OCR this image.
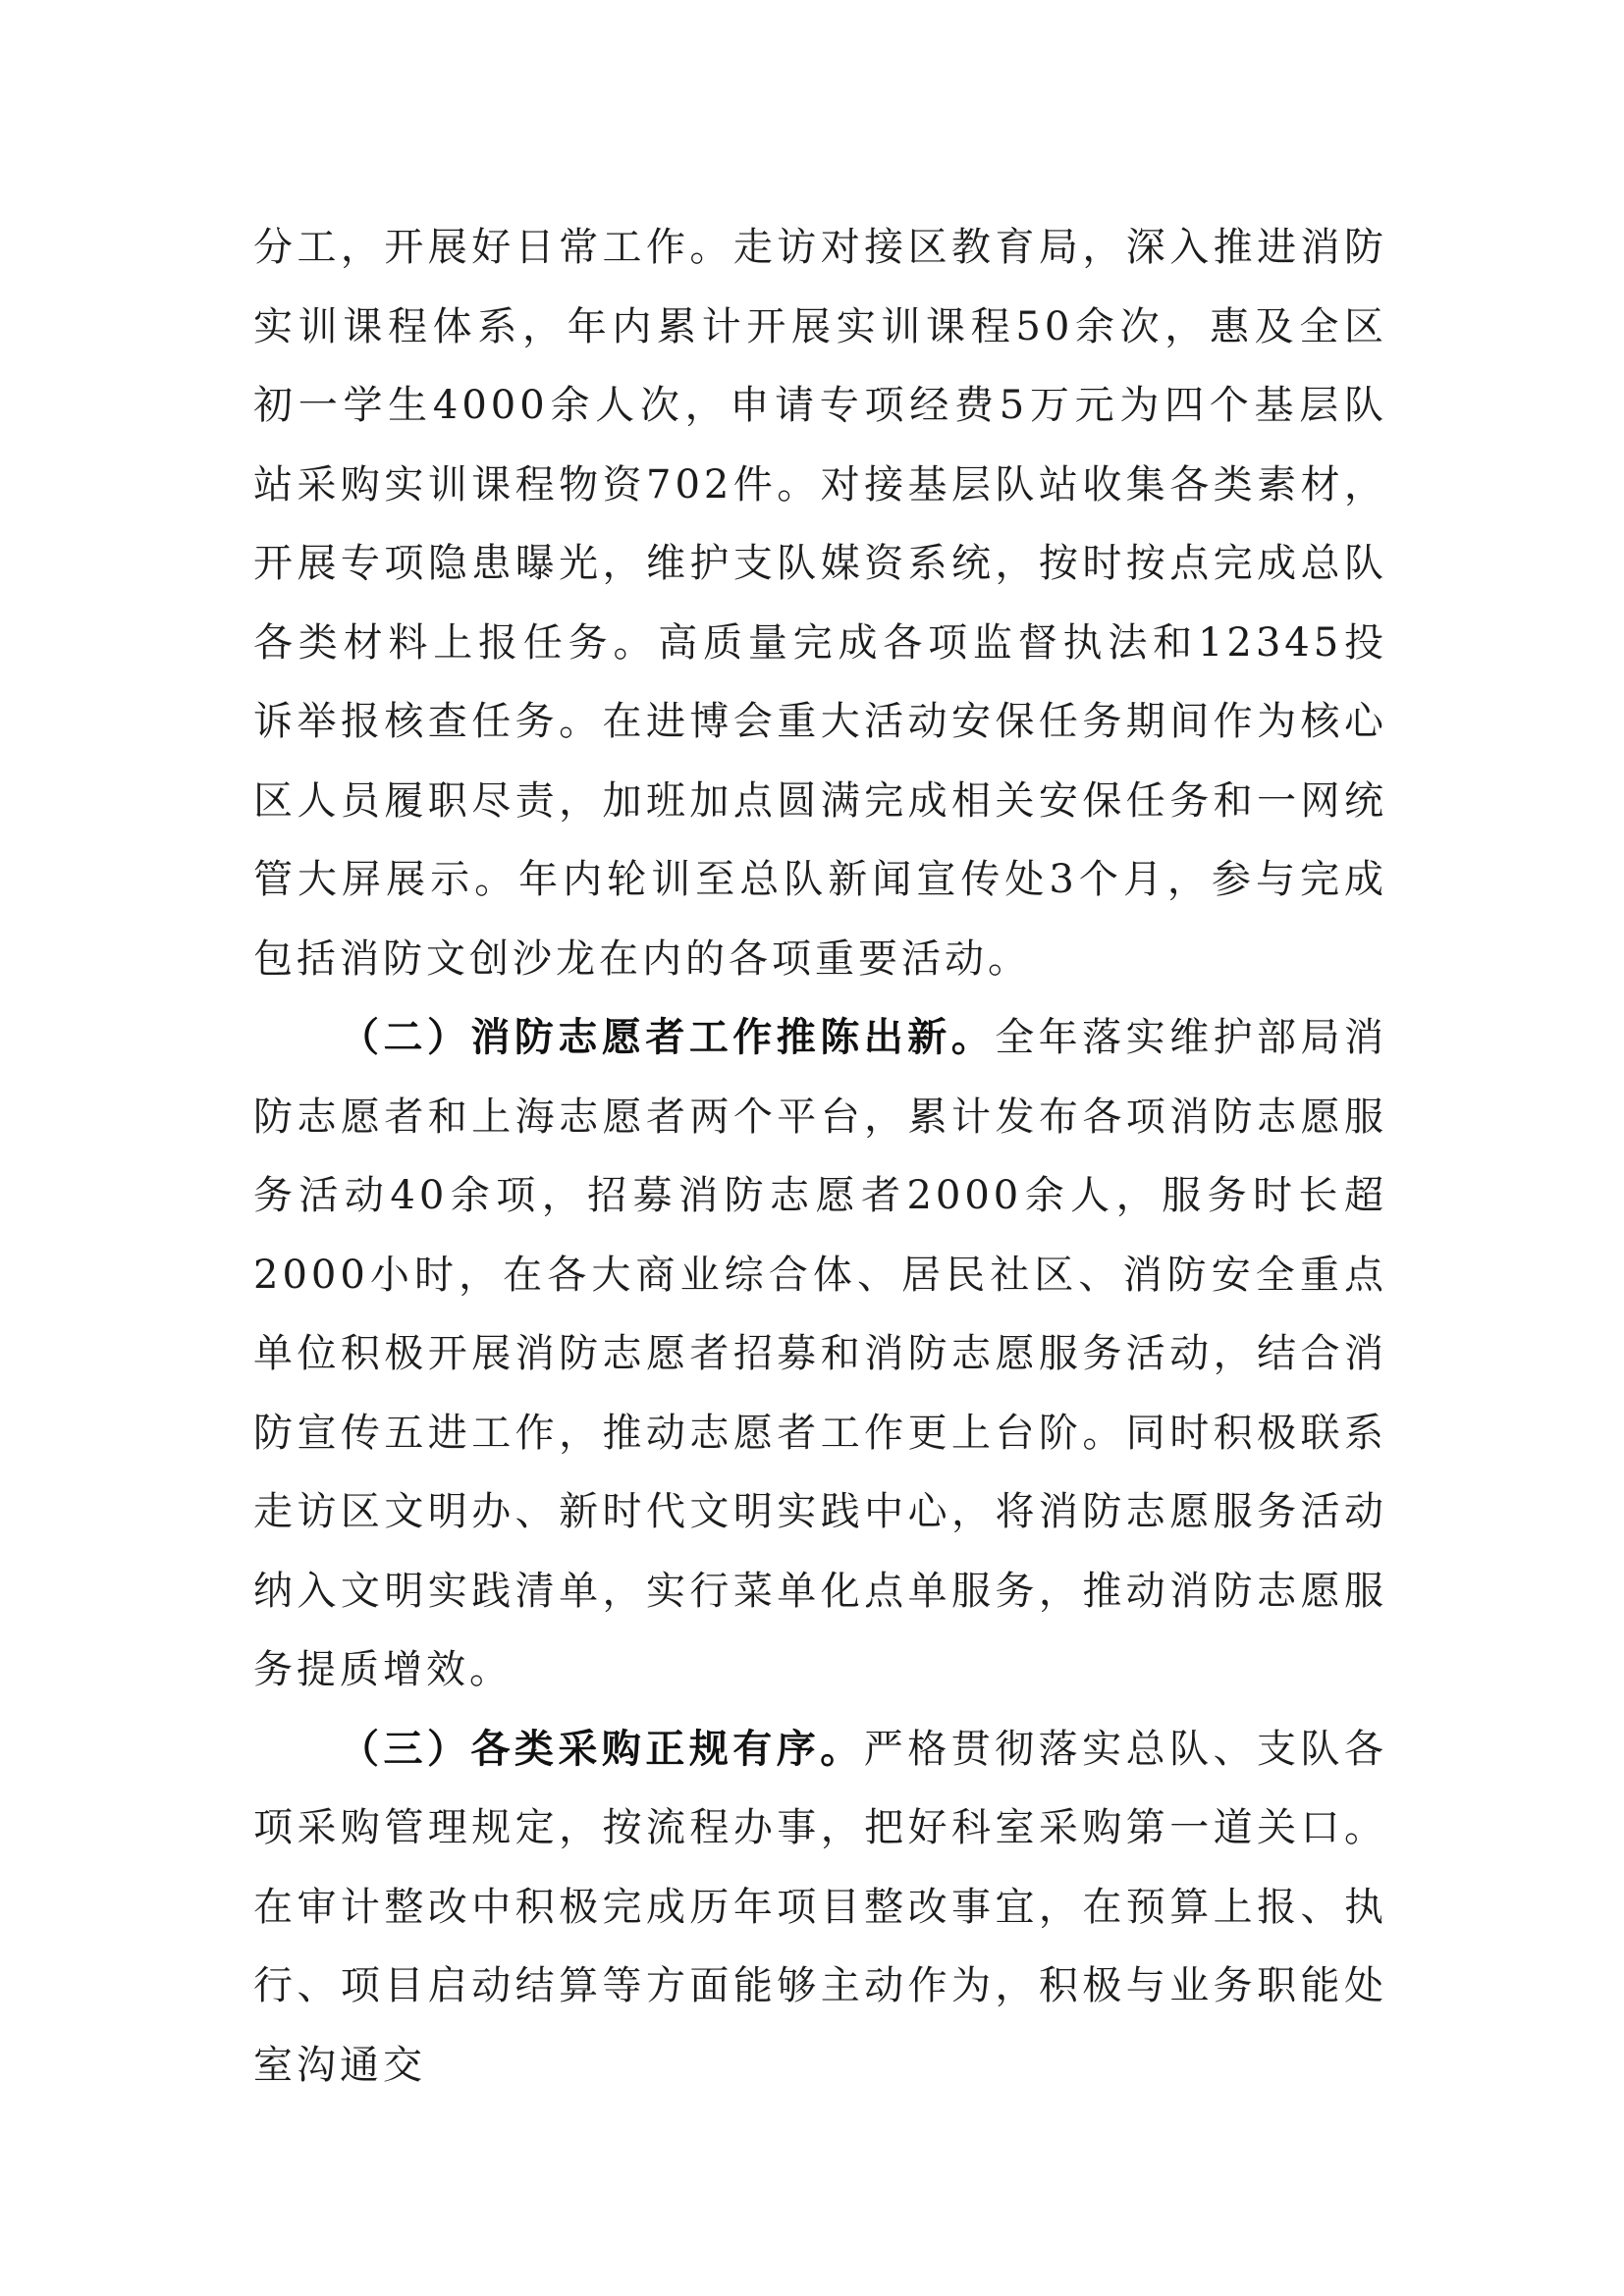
分工，开展好日常工作。走访对接区教育局，深入推进消防实训课程体系，年内累计开展实训课程50余次，惠及全区初一学生4000余人次，申请专项经费5万元为四个基层队站采购实训课程物资702件。对接基层队站收集各类素材，开展专项隐患曝光，维护支队媒资系统，按时按点完成总队各类材料上报任务。高质量完成各项监督执法和12345投诉举报核查任务。在进博会重大活动安保任务期间作为核心区人员履职尽责，加班加点圆满完成相关安保任务和一网统管大屏展示。年内轮训至总队新闻宣传处3个月，参与完成包括消防文创沙龙在内的各项重要活动。

（二）消防志愿者工作推陈出新。全年落实维护部局消防志愿者和上海志愿者两个平台，累计发布各项消防志愿服务活动40余项，招募消防志愿者2000余人，服务时长超2000小时，在各大商业综合体、居民社区、消防安全重点单位积极开展消防志愿者招募和消防志愿服务活动，结合消防宣传五进工作，推动志愿者工作更上台阶。同时积极联系走访区文明办、新时代文明实践中心，将消防志愿服务活动纳入文明实践清单，实行菜单化点单服务，推动消防志愿服务提质增效。

（三）各类采购正规有序。严格贯彻落实总队、支队各项采购管理规定，按流程办事，把好科室采购第一道关口。在审计整改中积极完成历年项目整改事宜，在预算上报、执行、项目启动结算等方面能够主动作为，积极与业务职能处室沟通交
